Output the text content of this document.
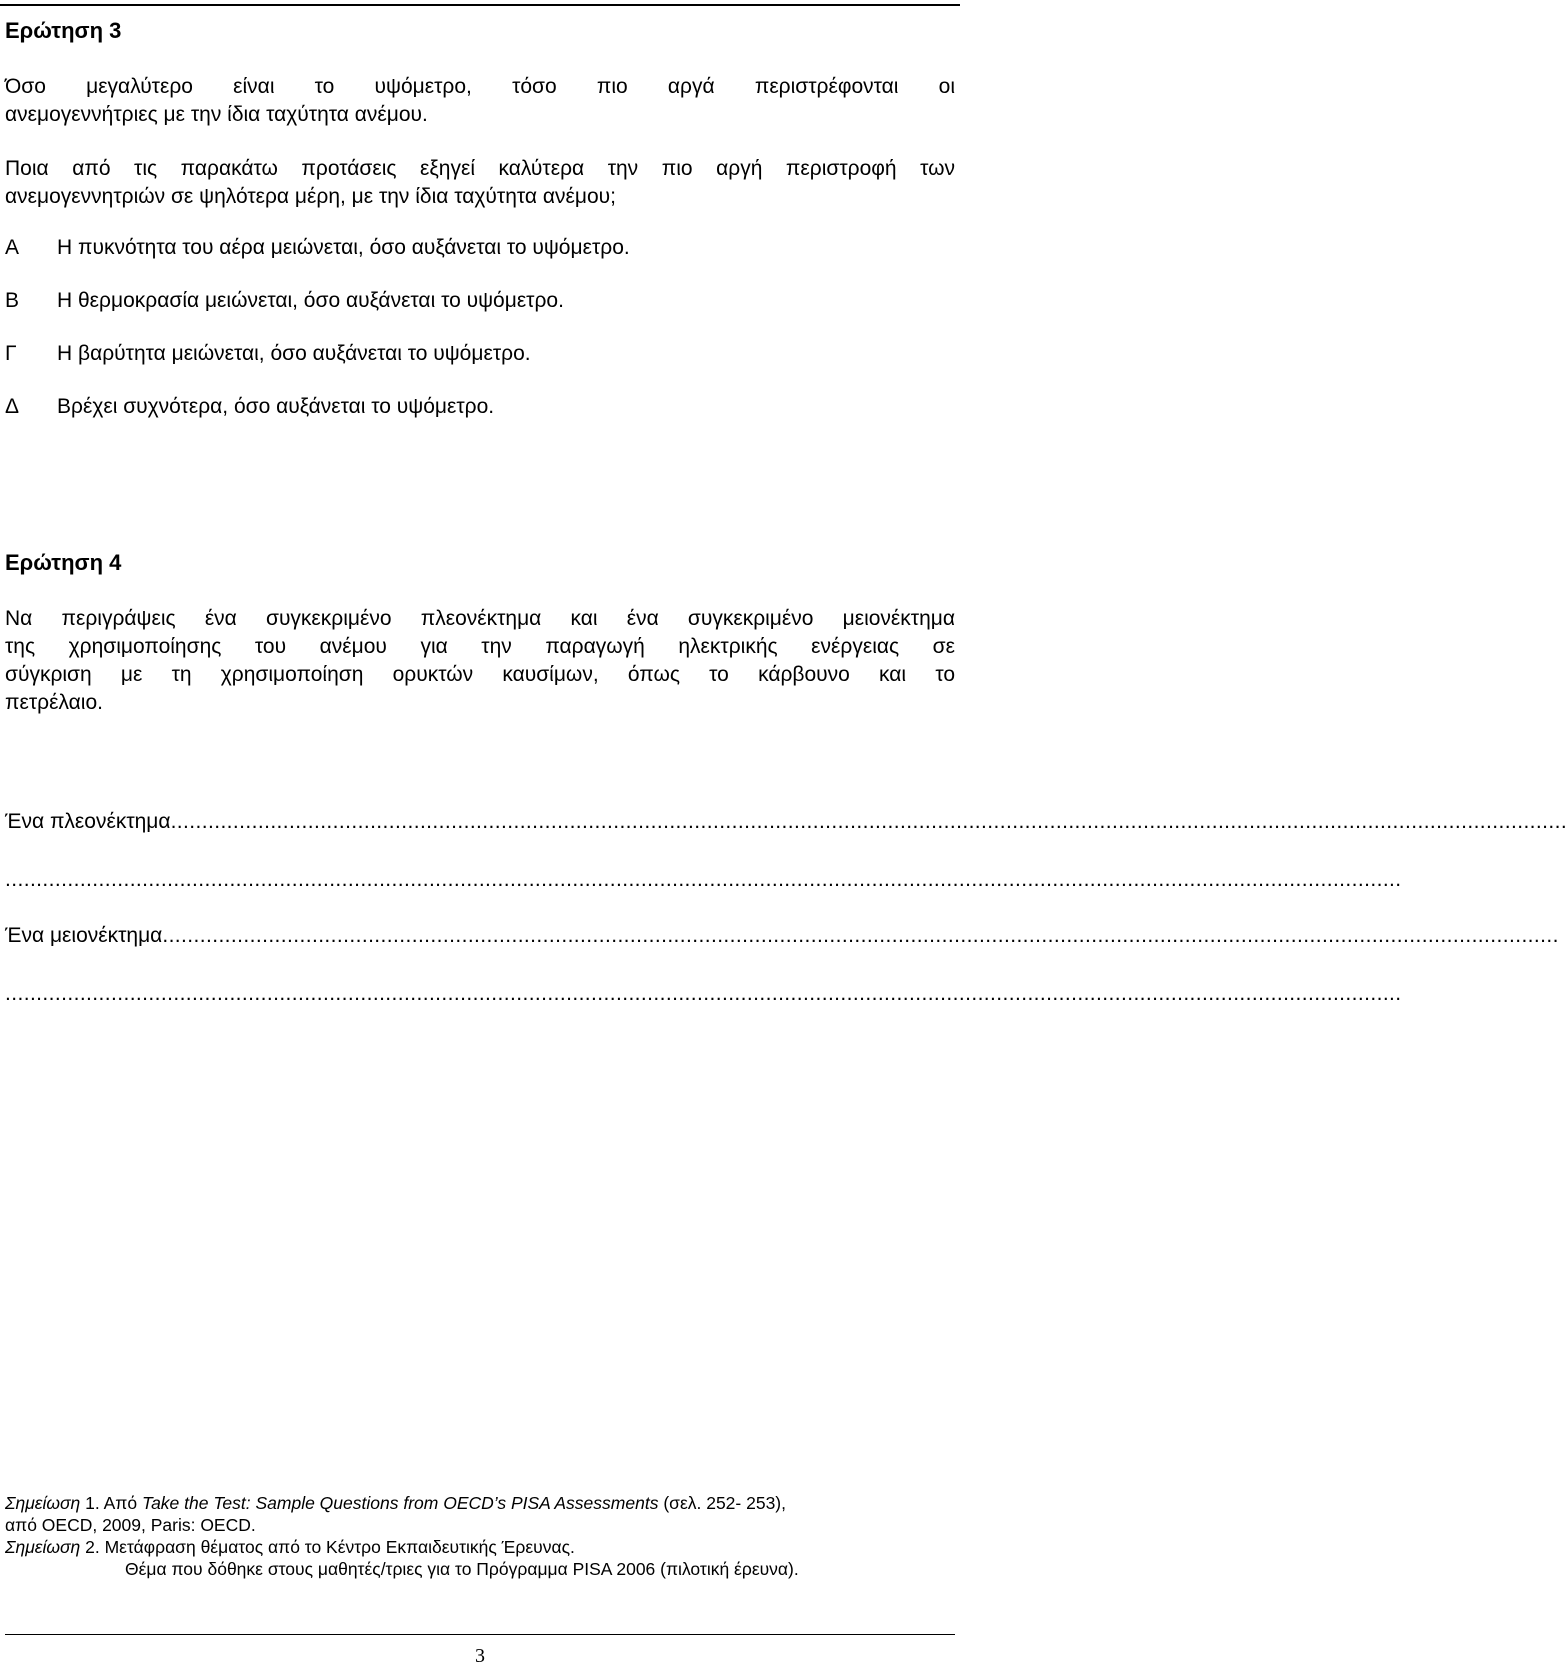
Ερώτηση 3
Όσο μεγαλύτερο είναι το υψόμετρο, τόσο πιο αργά περιστρέφονται οι
ανεμογεννήτριες με την ίδια ταχύτητα ανέμου.
Ποια από τις παρακάτω προτάσεις εξηγεί καλύτερα την πιο αργή περιστροφή των
ανεμογεννητριών σε ψηλότερα μέρη, με την ίδια ταχύτητα ανέμου;
A Η πυκνότητα του αέρα μειώνεται, όσο αυξάνεται το υψόμετρο.
B Η θερμοκρασία μειώνεται, όσο αυξάνεται το υψόμετρο.
Γ Η βαρύτητα μειώνεται, όσο αυξάνεται το υψόμετρο.
Δ Βρέχει συχνότερα, όσο αυξάνεται το υψόμετρο.
Ερώτηση 4
Να περιγράψεις ένα συγκεκριμένο πλεονέκτημα και ένα συγκεκριμένο μειονέκτημα
της χρησιμοποίησης του ανέμου για την παραγωγή ηλεκτρικής ενέργειας σε
σύγκριση με τη χρησιμοποίηση ορυκτών καυσίμων, όπως το κάρβουνο και το
πετρέλαιο.
Ένα πλεονέκτημα................................................................................................................................................................................................................................
................................................................................................................................................................................................................................
Ένα μειονέκτημα................................................................................................................................................................................................................................
................................................................................................................................................................................................................................
Σημείωση 1. Από Take the Test: Sample Questions from OECD’s PISA Assessments (σελ. 252- 253),
από OECD, 2009, Paris: OECD.
Σημείωση 2. Μετάφραση θέματος από το Κέντρο Εκπαιδευτικής Έρευνας.
Θέμα που δόθηκε στους μαθητές/τριες για το Πρόγραμμα PISA 2006 (πιλοτική έρευνα).
3
